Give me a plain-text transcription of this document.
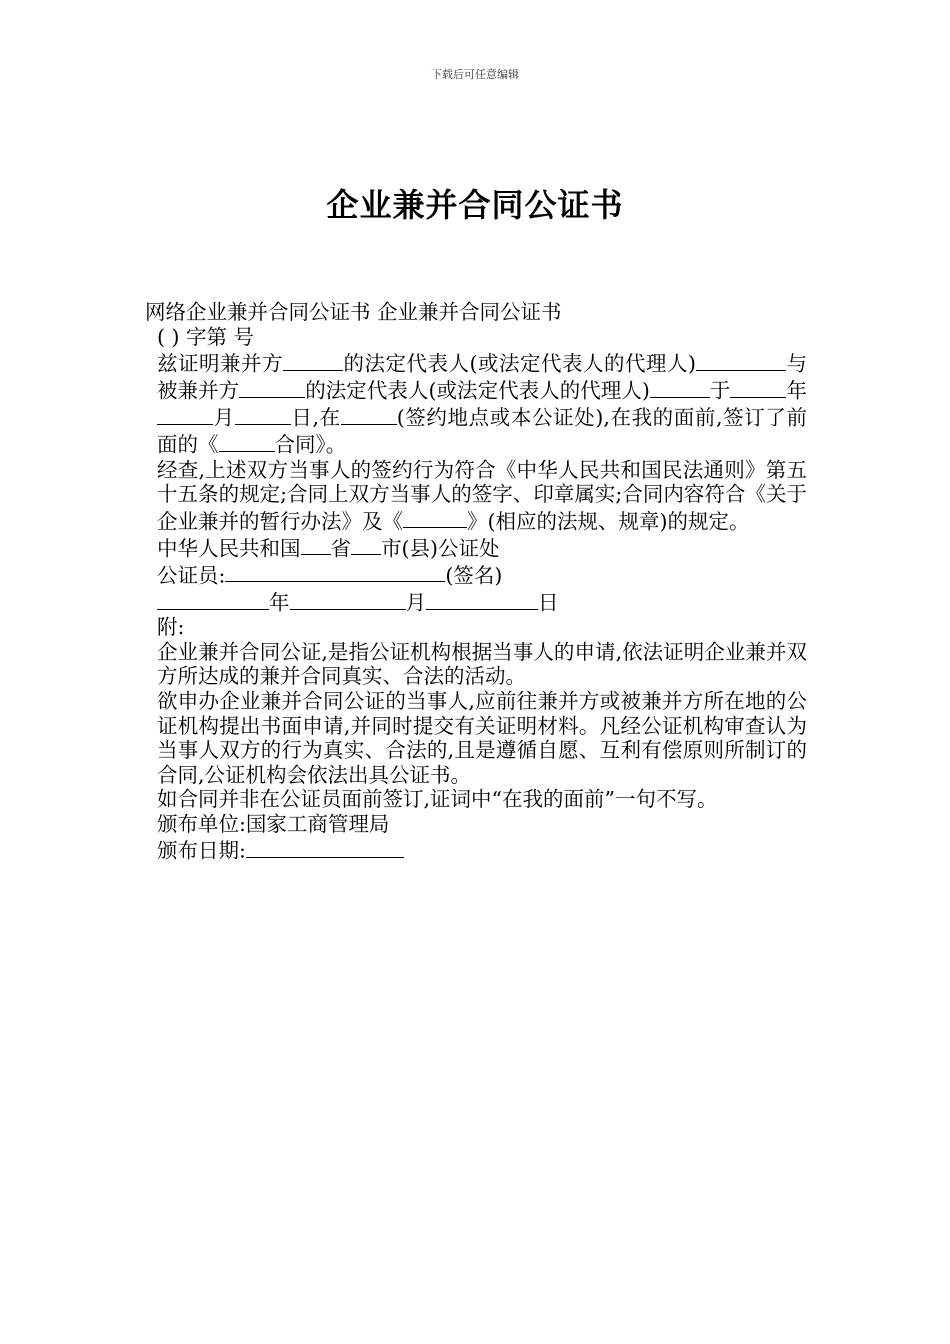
下载后可任意编辑
企业兼并合同公证书

网络企业兼并合同公证书 企业兼并合同公证书

( ) 字第 号

兹证明兼并方	的法定代表人(或法定代表人的代理人)	与被兼并方	的法定代表人(或法定代表人的代理人)	于	年月	日,在	(签约地点或本公证处),在我的面前,签订了前面的《	合同》。

经查,上述双方当事人的签约行为符合《中华人民共和国民法通则》第五十五条的规定;合同上双方当事人的签字、印章属实;合同内容符合《关于企业兼并的暂行办法》及《	》(相应的法规、规章)的规定。

中华人民共和国 省 市(县)公证处

公证员:	(签名)

年	月	日

附:

企业兼并合同公证,是指公证机构根据当事人的申请,依法证明企业兼并双方所达成的兼并合同真实、合法的活动。

欲申办企业兼并合同公证的当事人,应前往兼并方或被兼并方所在地的公证机构提出书面申请,并同时提交有关证明材料。凡经公证机构审查认为当事人双方的行为真实、合法的,且是遵循自愿、互利有偿原则所制订的合同,公证机构会依法出具公证书。

如合同并非在公证员面前签订,证词中“在我的面前”一句不写。

颁布单位:国家工商管理局

颁布日期:
